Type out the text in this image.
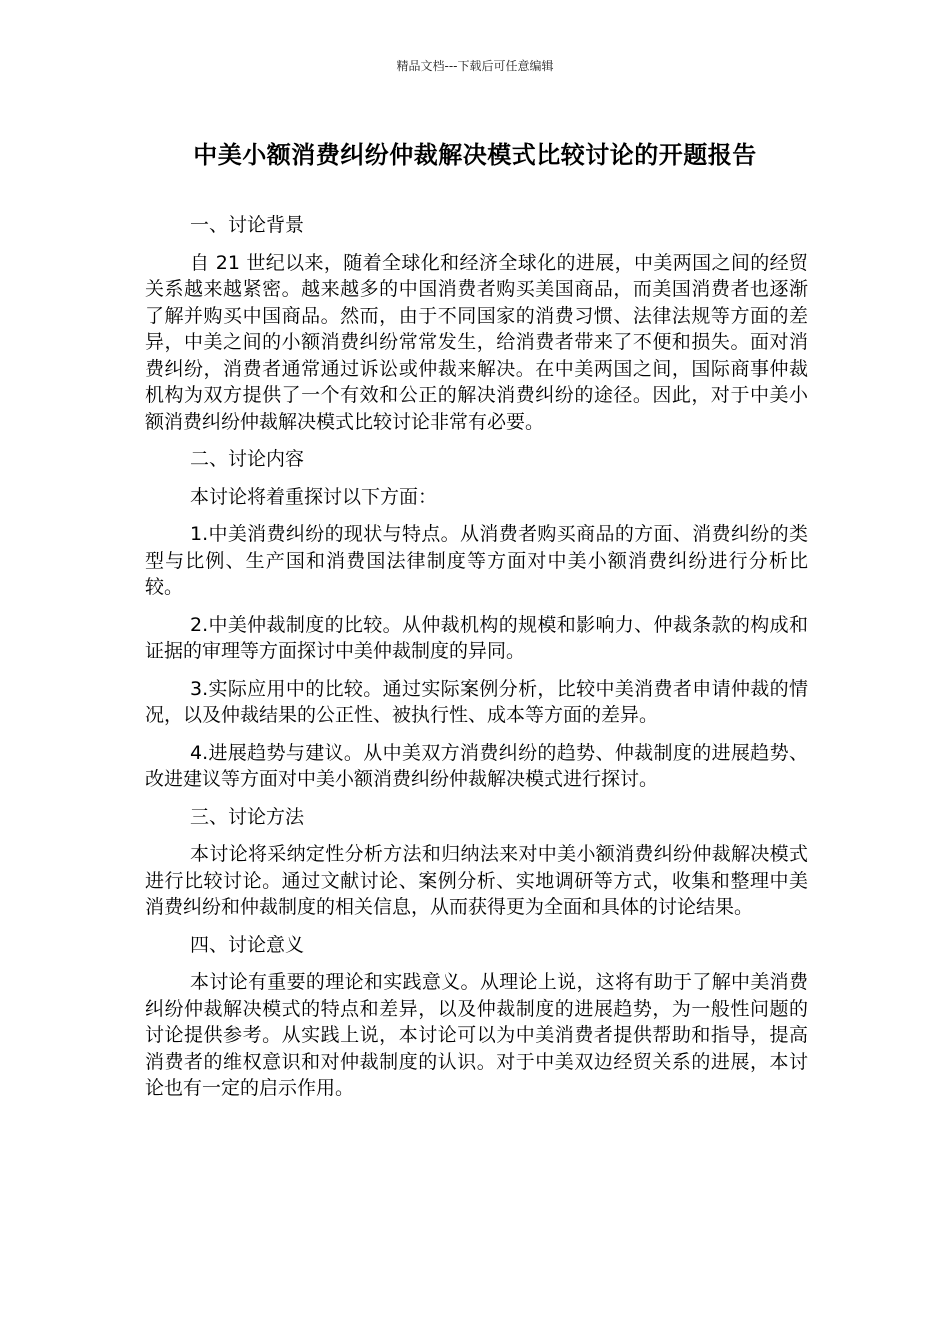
精品文档---下载后可任意编辑
中美小额消费纠纷仲裁解决模式比较讨论的开题报告

一、讨论背景

自 21 世纪以来，随着全球化和经济全球化的进展，中美两国之间的经贸关系越来越紧密。越来越多的中国消费者购买美国商品，而美国消费者也逐渐了解并购买中国商品。然而，由于不同国家的消费习惯、法律法规等方面的差异，中美之间的小额消费纠纷常常发生，给消费者带来了不便和损失。面对消费纠纷，消费者通常通过诉讼或仲裁来解决。在中美两国之间，国际商事仲裁机构为双方提供了一个有效和公正的解决消费纠纷的途径。因此，对于中美小额消费纠纷仲裁解决模式比较讨论非常有必要。

二、讨论内容

本讨论将着重探讨以下方面：

1.中美消费纠纷的现状与特点。从消费者购买商品的方面、消费纠纷的类型与比例、生产国和消费国法律制度等方面对中美小额消费纠纷进行分析比较。

2.中美仲裁制度的比较。从仲裁机构的规模和影响力、仲裁条款的构成和证据的审理等方面探讨中美仲裁制度的异同。

3.实际应用中的比较。通过实际案例分析，比较中美消费者申请仲裁的情况，以及仲裁结果的公正性、被执行性、成本等方面的差异。

4.进展趋势与建议。从中美双方消费纠纷的趋势、仲裁制度的进展趋势、改进建议等方面对中美小额消费纠纷仲裁解决模式进行探讨。

三、讨论方法

本讨论将采纳定性分析方法和归纳法来对中美小额消费纠纷仲裁解决模式进行比较讨论。通过文献讨论、案例分析、实地调研等方式，收集和整理中美消费纠纷和仲裁制度的相关信息，从而获得更为全面和具体的讨论结果。

四、讨论意义

本讨论有重要的理论和实践意义。从理论上说，这将有助于了解中美消费纠纷仲裁解决模式的特点和差异，以及仲裁制度的进展趋势，为一般性问题的讨论提供参考。从实践上说，本讨论可以为中美消费者提供帮助和指导，提高消费者的维权意识和对仲裁制度的认识。对于中美双边经贸关系的进展，本讨论也有一定的启示作用。
